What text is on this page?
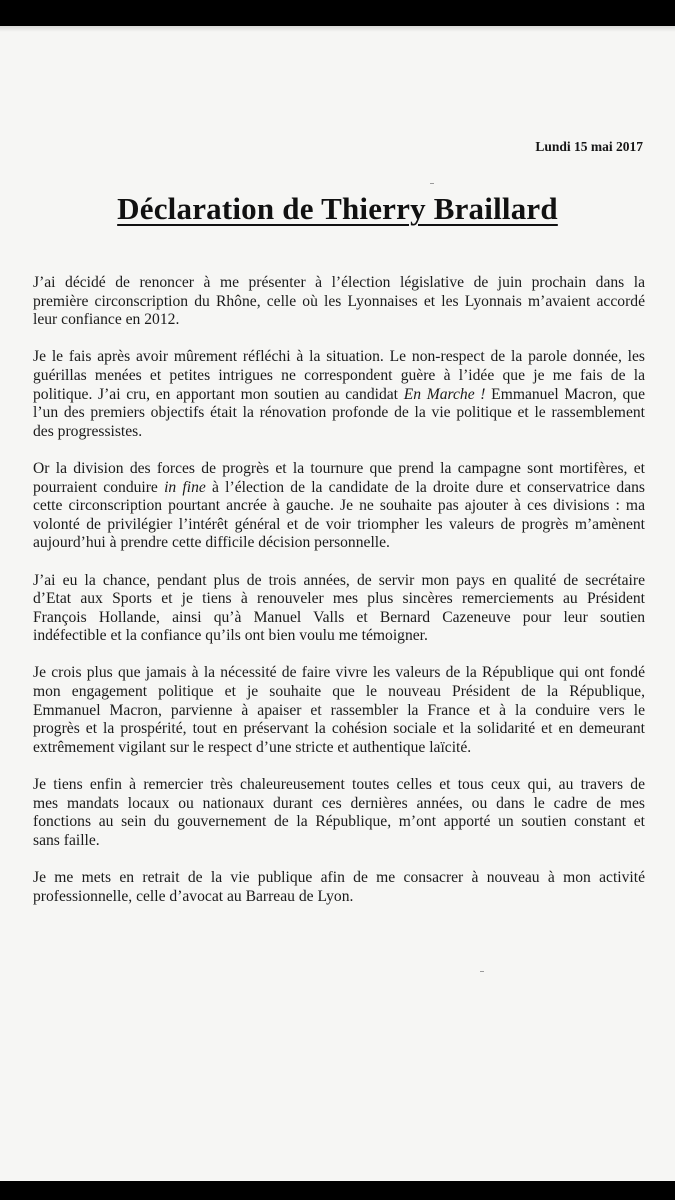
Lundi 15 mai 2017
Déclaration de Thierry Braillard

J’ai décidé de renoncer à me présenter à l’élection législative de juin prochain dans la
première circonscription du Rhône, celle où les Lyonnaises et les Lyonnais m’avaient accordé
leur confiance en 2012.

Je le fais après avoir mûrement réfléchi à la situation. Le non-respect de la parole donnée, les
guérillas menées et petites intrigues ne correspondent guère à l’idée que je me fais de la
politique. J’ai cru, en apportant mon soutien au candidat En Marche ! Emmanuel Macron, que
l’un des premiers objectifs était la rénovation profonde de la vie politique et le rassemblement
des progressistes.

Or la division des forces de progrès et la tournure que prend la campagne sont mortifères, et
pourraient conduire in fine à l’élection de la candidate de la droite dure et conservatrice dans
cette circonscription pourtant ancrée à gauche. Je ne souhaite pas ajouter à ces divisions : ma
volonté de privilégier l’intérêt général et de voir triompher les valeurs de progrès m’amènent
aujourd’hui à prendre cette difficile décision personnelle.

J’ai eu la chance, pendant plus de trois années, de servir mon pays en qualité de secrétaire
d’Etat aux Sports et je tiens à renouveler mes plus sincères remerciements au Président
François Hollande, ainsi qu’à Manuel Valls et Bernard Cazeneuve pour leur soutien
indéfectible et la confiance qu’ils ont bien voulu me témoigner.

Je crois plus que jamais à la nécessité de faire vivre les valeurs de la République qui ont fondé
mon engagement politique et je souhaite que le nouveau Président de la République,
Emmanuel Macron, parvienne à apaiser et rassembler la France et à la conduire vers le
progrès et la prospérité, tout en préservant la cohésion sociale et la solidarité et en demeurant
extrêmement vigilant sur le respect d’une stricte et authentique laïcité.

Je tiens enfin à remercier très chaleureusement toutes celles et tous ceux qui, au travers de
mes mandats locaux ou nationaux durant ces dernières années, ou dans le cadre de mes
fonctions au sein du gouvernement de la République, m’ont apporté un soutien constant et
sans faille.

Je me mets en retrait de la vie publique afin de me consacrer à nouveau à mon activité
professionnelle, celle d’avocat au Barreau de Lyon.
